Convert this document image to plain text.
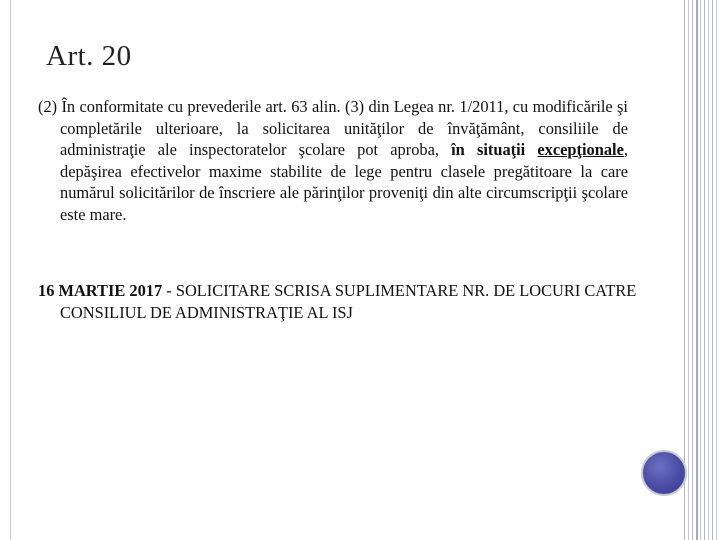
Art. 20
(2) În conformitate cu prevederile art. 63 alin. (3) din Legea nr. 1/2011, cu modificările şi completările ulterioare, la solicitarea unităţilor de învăţământ, consiliile de administraţie ale inspectoratelor şcolare pot aproba, în situaţii excepţionale, depăşirea efectivelor maxime stabilite de lege pentru clasele pregătitoare la care numărul solicitărilor de înscriere ale părinţilor proveniţi din alte circumscripţii şcolare este mare.
16 MARTIE 2017 - SOLICITARE SCRISA SUPLIMENTARE NR. DE LOCURI CATRE CONSILIUL DE ADMINISTRAŢIE AL ISJ
